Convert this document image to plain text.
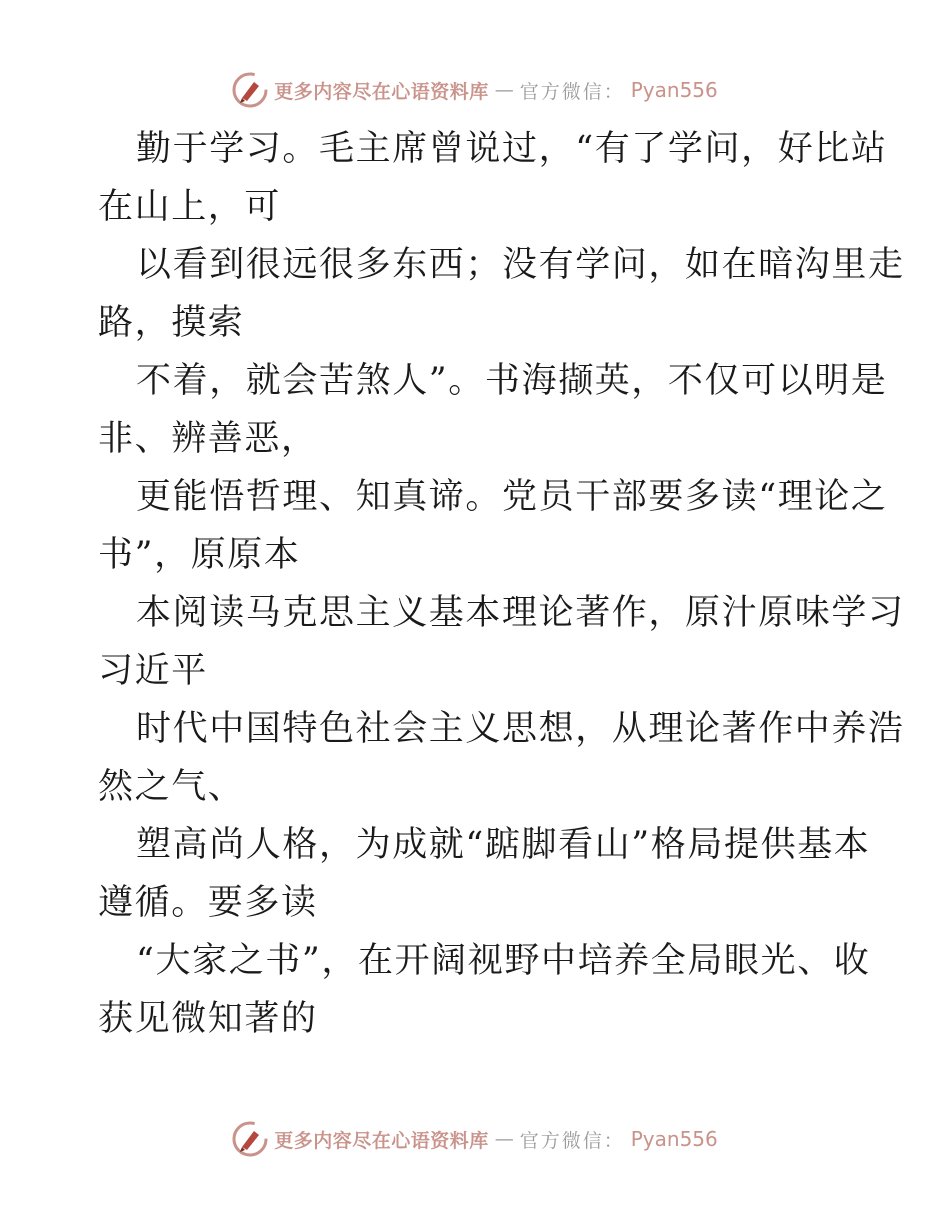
更多内容尽在心语资料库 — 官方微信： Pyan556
勤于学习。毛主席曾说过，“有了学问，好比站
在山上，可
以看到很远很多东西；没有学问，如在暗沟里走
路，摸索
不着，就会苦煞人”。书海撷英，不仅可以明是
非、辨善恶，
更能悟哲理、知真谛。党员干部要多读“理论之
书”，原原本
本阅读马克思主义基本理论著作，原汁原味学习
习近平
时代中国特色社会主义思想，从理论著作中养浩
然之气、
塑高尚人格，为成就“踮脚看山”格局提供基本
遵循。要多读
“大家之书”，在开阔视野中培养全局眼光、收
获见微知著的
更多内容尽在心语资料库 — 官方微信： Pyan556
